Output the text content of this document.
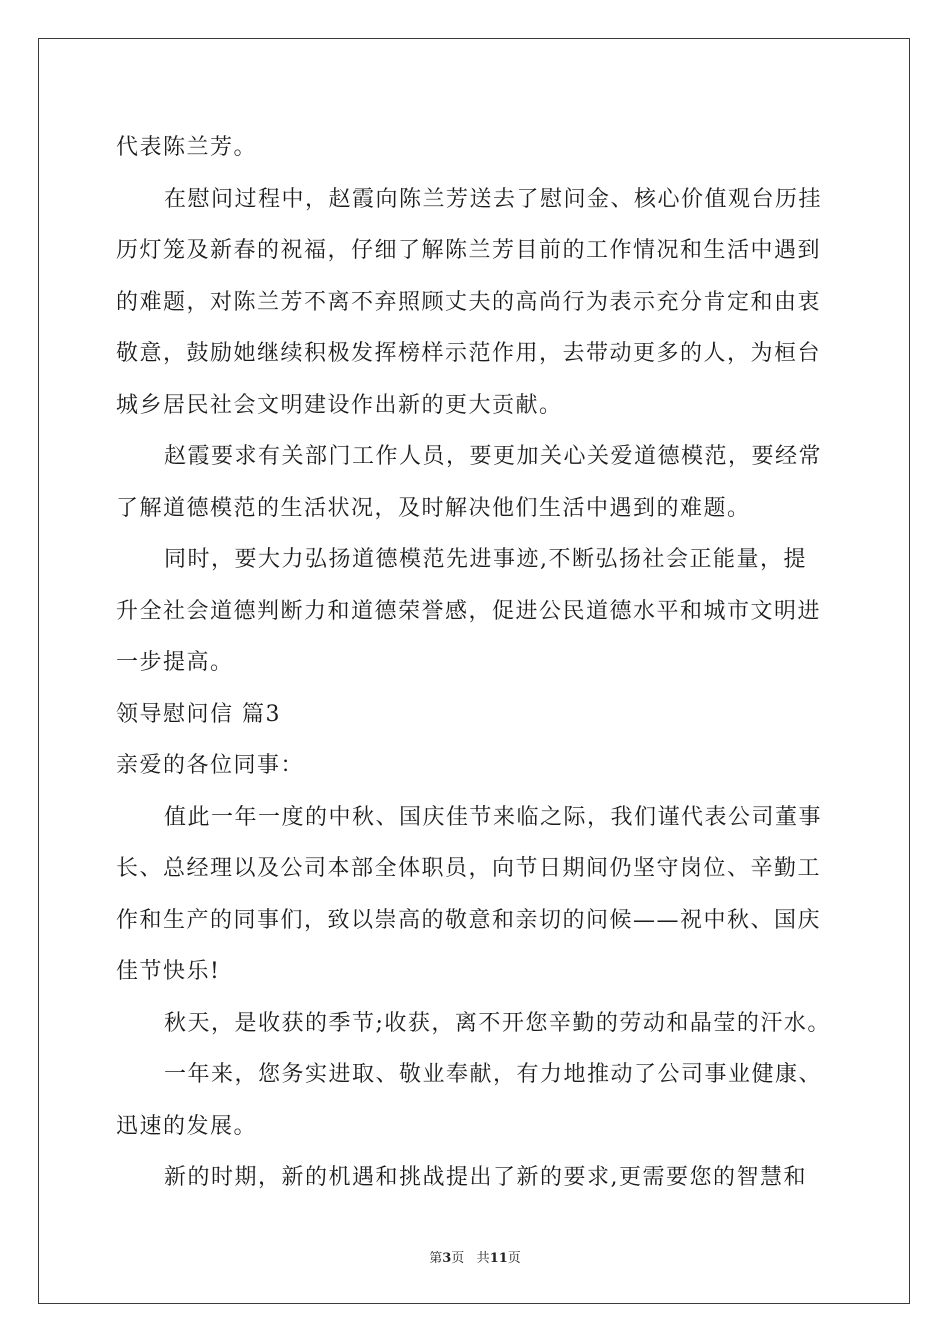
代表陈兰芳。
在慰问过程中，赵霞向陈兰芳送去了慰问金、核心价值观台历挂
历灯笼及新春的祝福，仔细了解陈兰芳目前的工作情况和生活中遇到
的难题，对陈兰芳不离不弃照顾丈夫的高尚行为表示充分肯定和由衷
敬意，鼓励她继续积极发挥榜样示范作用，去带动更多的人，为桓台
城乡居民社会文明建设作出新的更大贡献。
赵霞要求有关部门工作人员，要更加关心关爱道德模范，要经常
了解道德模范的生活状况，及时解决他们生活中遇到的难题。
同时，要大力弘扬道德模范先进事迹,不断弘扬社会正能量，提
升全社会道德判断力和道德荣誉感，促进公民道德水平和城市文明进
一步提高。
领导慰问信 篇3
亲爱的各位同事：
值此一年一度的中秋、国庆佳节来临之际，我们谨代表公司董事
长、总经理以及公司本部全体职员，向节日期间仍坚守岗位、辛勤工
作和生产的同事们，致以崇高的敬意和亲切的问候——祝中秋、国庆
佳节快乐!
秋天，是收获的季节;收获，离不开您辛勤的劳动和晶莹的汗水。
一年来，您务实进取、敬业奉献，有力地推动了公司事业健康、
迅速的发展。
新的时期，新的机遇和挑战提出了新的要求,更需要您的智慧和
第3页 共11页
